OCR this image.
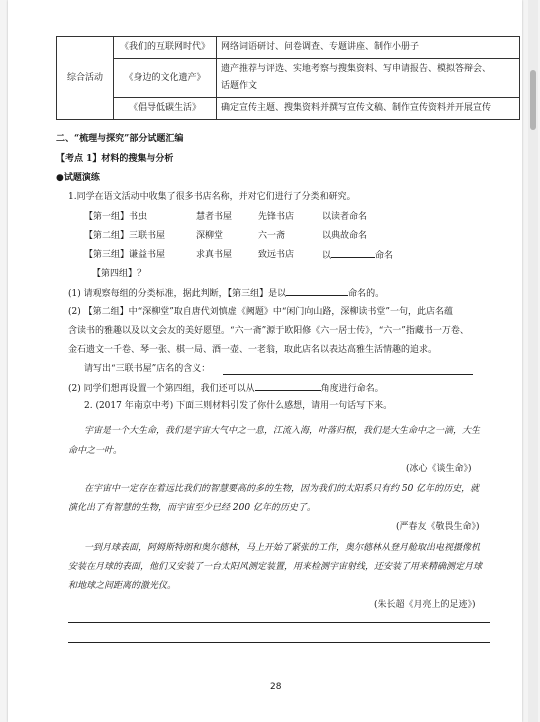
综合活动	《我们的互联网时代》	网络词语研讨、问卷调查、专题讲座、制作小册子
	《身边的文化遗产》	遗产推荐与评选、实地考察与搜集资料、写申请报告、模拟答辩会、
话题作文
	《倡导低碳生活》	确定宣传主题、搜集资料并撰写宣传文稿、制作宣传资料并开展宣传
二、“梳理与探究”部分试题汇编
【考点 1】材料的搜集与分析
●试题演练
1.同学在语文活动中收集了很多书店名称，并对它们进行了分类和研究。
【第一组】书虫	慧者书屋	先锋书店	以读者命名
【第二组】三联书屋	深柳堂	六一斋	以典故命名
【第三组】谦益书屋	求真书屋	致远书店	以	命名
【第四组】？
(1) 请观察每组的分类标准，据此判断，【第三组】是以	命名的。
(2) 【第二组】中“深柳堂”取自唐代刘慎虚《阙题》中“闲门向山路，深柳读书堂”一句，此店名蕴
含读书的雅趣以及以文会友的美好愿望。“六一斋”源于欧阳修《六一居士传》，“六一”指藏书一万卷、
金石遗文一千卷、琴一张、棋一局、酒一壶、一老翁，取此店名以表达高雅生活情趣的追求。
请写出“三联书屋”店名的含义：
(2) 同学们想再设置一个第四组，我们还可以从	角度进行命名。
2. (2017 年南京中考) 下面三则材料引发了你什么感想，请用一句话写下来。
宇宙是一个大生命，我们是宇宙大气中之一息，江流入海，叶落归根，我们是大生命中之一滴，大生
命中之一叶。
(冰心《谈生命》)
在宇宙中一定存在着远比我们的智慧要高的多的生物，因为我们的太阳系只有约 50 亿年的历史，就
演化出了有智慧的生物，而宇宙至少已经 200 亿年的历史了。
(严春友《敬畏生命》)
一到月球表面，阿姆斯特朗和奥尔德林，马上开始了紧张的工作，奥尔德林从登月舱取出电视摄像机
安装在月球的表面，他们又安装了一台太阳风测定装置，用来检测宇宙射线，还安装了用来精确测定月球
和地球之间距离的激光仪。
(朱长超《月亮上的足迹》)
28
